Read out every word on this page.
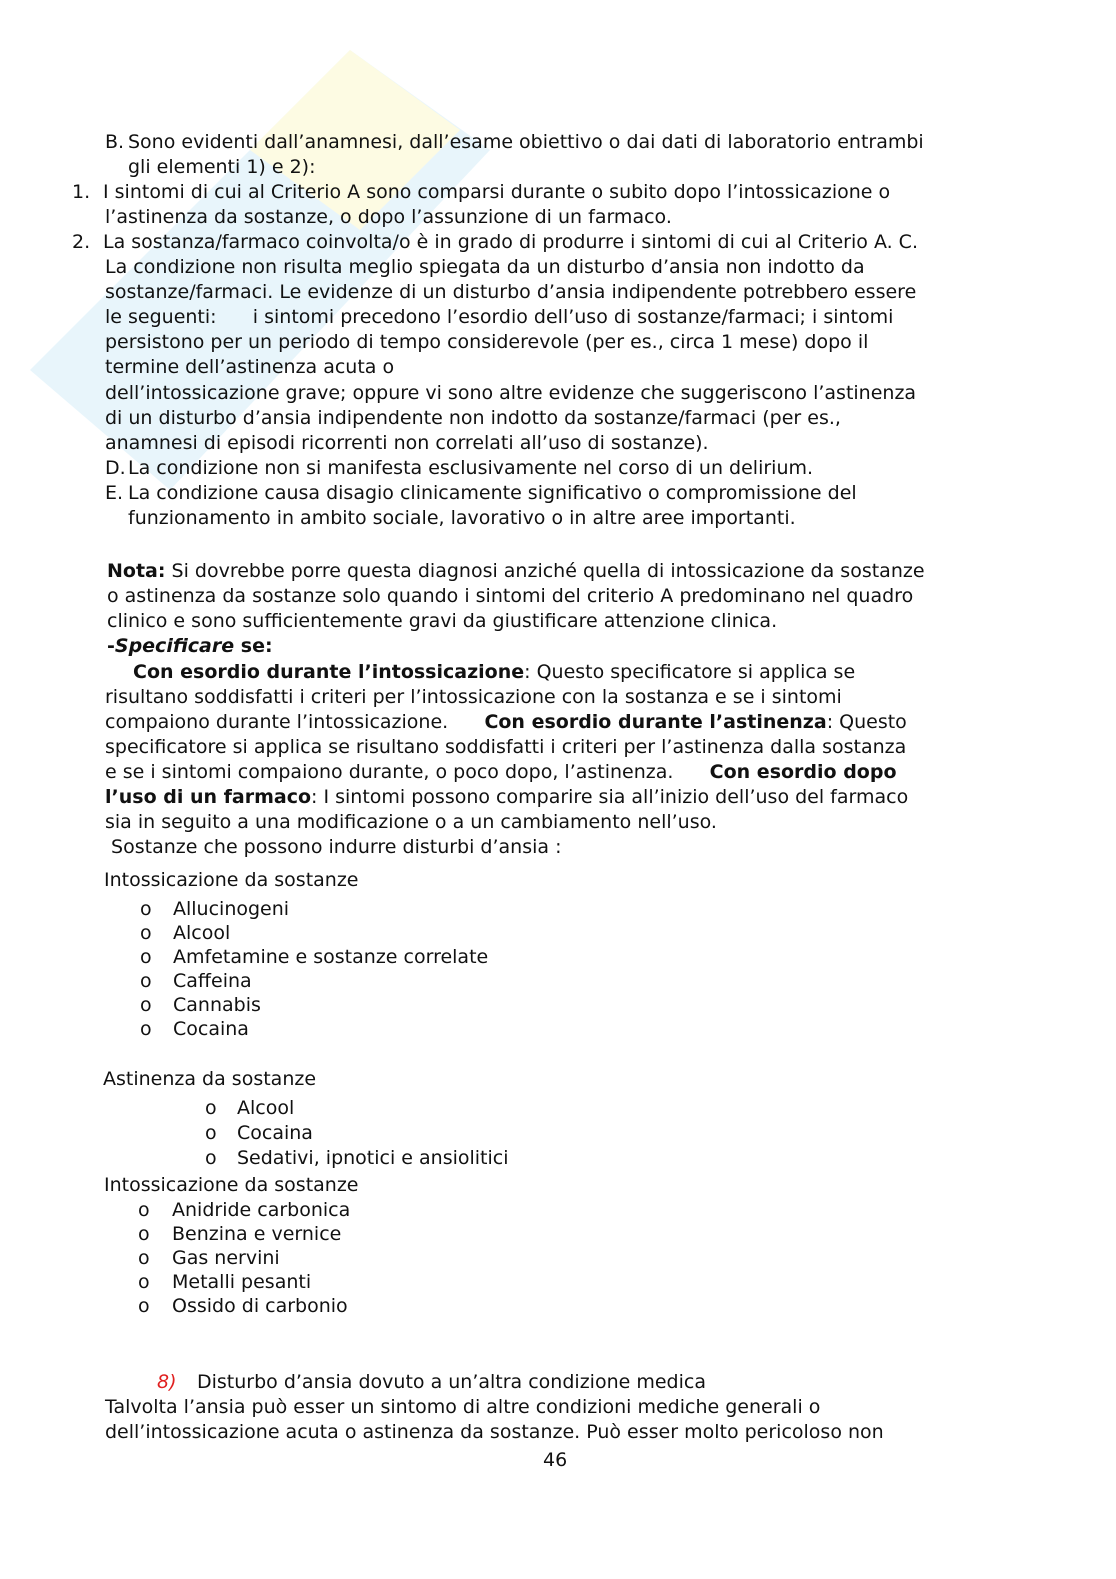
B. Sono evidenti dall’anamnesi, dall’esame obiettivo o dai dati di laboratorio entrambi
gli elementi 1) e 2):
1. I sintomi di cui al Criterio A sono comparsi durante o subito dopo l’intossicazione o
l’astinenza da sostanze, o dopo l’assunzione di un farmaco.
2. La sostanza/farmaco coinvolta/o è in grado di produrre i sintomi di cui al Criterio A. C.
La condizione non risulta meglio spiegata da un disturbo d’ansia non indotto da
sostanze/farmaci. Le evidenze di un disturbo d’ansia indipendente potrebbero essere
le seguenti:      i sintomi precedono l’esordio dell’uso di sostanze/farmaci; i sintomi
persistono per un periodo di tempo considerevole (per es., circa 1 mese) dopo il
termine dell’astinenza acuta o
dell’intossicazione grave; oppure vi sono altre evidenze che suggeriscono l’astinenza
di un disturbo d’ansia indipendente non indotto da sostanze/farmaci (per es.,
anamnesi di episodi ricorrenti non correlati all’uso di sostanze).
D. La condizione non si manifesta esclusivamente nel corso di un delirium.
E. La condizione causa disagio clinicamente significativo o compromissione del
funzionamento in ambito sociale, lavorativo o in altre aree importanti.
Nota: Si dovrebbe porre questa diagnosi anziché quella di intossicazione da sostanze
o astinenza da sostanze solo quando i sintomi del criterio A predominano nel quadro
clinico e sono sufficientemente gravi da giustificare attenzione clinica.
-Specificare se:
Con esordio durante l’intossicazione: Questo specificatore si applica se
risultano soddisfatti i criteri per l’intossicazione con la sostanza e se i sintomi
compaiono durante l’intossicazione.      Con esordio durante l’astinenza: Questo
specificatore si applica se risultano soddisfatti i criteri per l’astinenza dalla sostanza
e se i sintomi compaiono durante, o poco dopo, l’astinenza.      Con esordio dopo
l’uso di un farmaco: I sintomi possono comparire sia all’inizio dell’uso del farmaco
sia in seguito a una modificazione o a un cambiamento nell’uso.
Sostanze che possono indurre disturbi d’ansia :
Intossicazione da sostanze
o Allucinogeni
o Alcool
o Amfetamine e sostanze correlate
o Caffeina
o Cannabis
o Cocaina
Astinenza da sostanze
o Alcool
o Cocaina
o Sedativi, ipnotici e ansiolitici
Intossicazione da sostanze
o Anidride carbonica
o Benzina e vernice
o Gas nervini
o Metalli pesanti
o Ossido di carbonio
8) Disturbo d’ansia dovuto a un’altra condizione medica
Talvolta l’ansia può esser un sintomo di altre condizioni mediche generali o
dell’intossicazione acuta o astinenza da sostanze. Può esser molto pericoloso non
46
